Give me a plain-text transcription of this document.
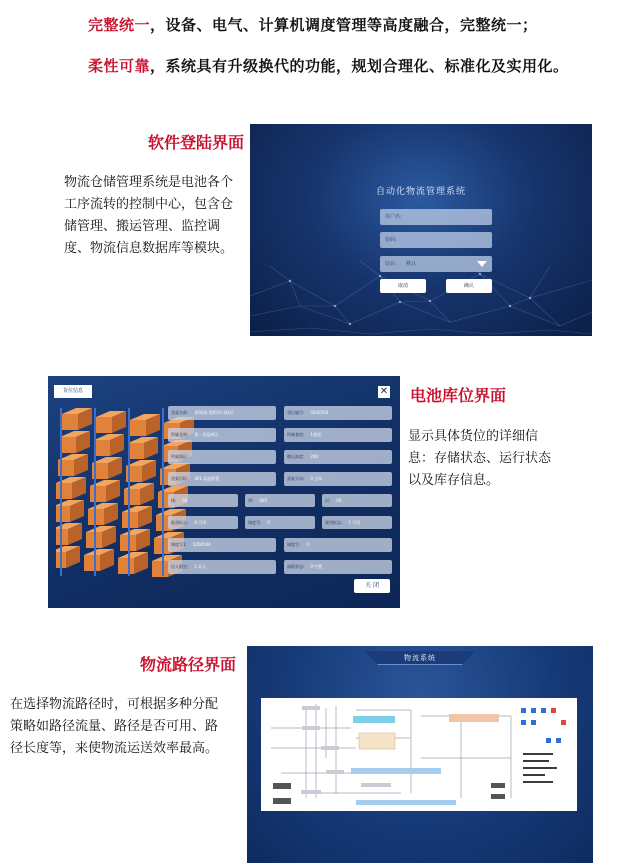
完整统一，设备、电气、计算机调度管理等高度融合，完整统一；
柔性可靠，系统具有升级换代的功能，规划合理化、标准化及实用化。
软件登陆界面
物流仓储管理系统是电池各个工序流转的控制中心，包含仓储管理、搬运管理、监控调度、物流信息数据库等模块。
自动化物流管理系统
用户名:
密码:
站台: 默认
取消	确认
电池库位界面
显示具体货位的详细信息：存储状态、运行状态以及库存信息。
货位信息	✕
货架名称: 第02排 第05列 第4层	货位编号: 0200504
所属仓库: 第一英温库区	所属巷道: 1巷道
所属货区:	搬运高度: 200
货架目标: 401 高温静置	货架方向: 0 正向
排: 02	列: 005	层: 04
取货标志: 0 可用	调度号: 0	使用标志: 1 可用
调度号1: 0200504	调度号: 0
出入限定: 1 双入	面板状态: 0 空置
关 闭
物流路径界面
在选择物流路径时，可根据多种分配策略如路径流量、路径是否可用、路径长度等，来使物流运送效率最高。
物流系统
